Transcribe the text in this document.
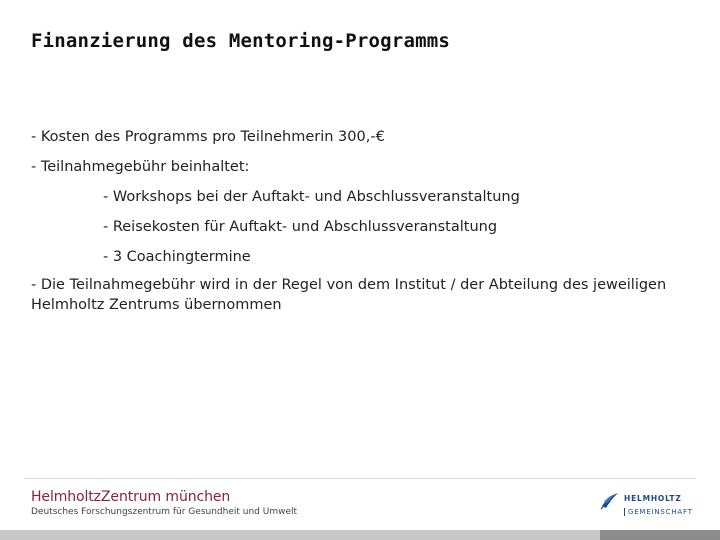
Finanzierung des Mentoring-Programms
- Kosten des Programms pro Teilnehmerin 300,-€
- Teilnahmegebühr beinhaltet:
- Workshops bei der Auftakt- und Abschlussveranstaltung
- Reisekosten für Auftakt- und Abschlussveranstaltung
- 3 Coachingtermine
- Die Teilnahmegebühr wird in der Regel von dem Institut / der Abteilung des jeweiligen Helmholtz Zentrums übernommen
HelmholtzZentrum münchen
Deutsches Forschungszentrum für Gesundheit und Umwelt
HELMHOLTZ
GEMEINSCHAFT
